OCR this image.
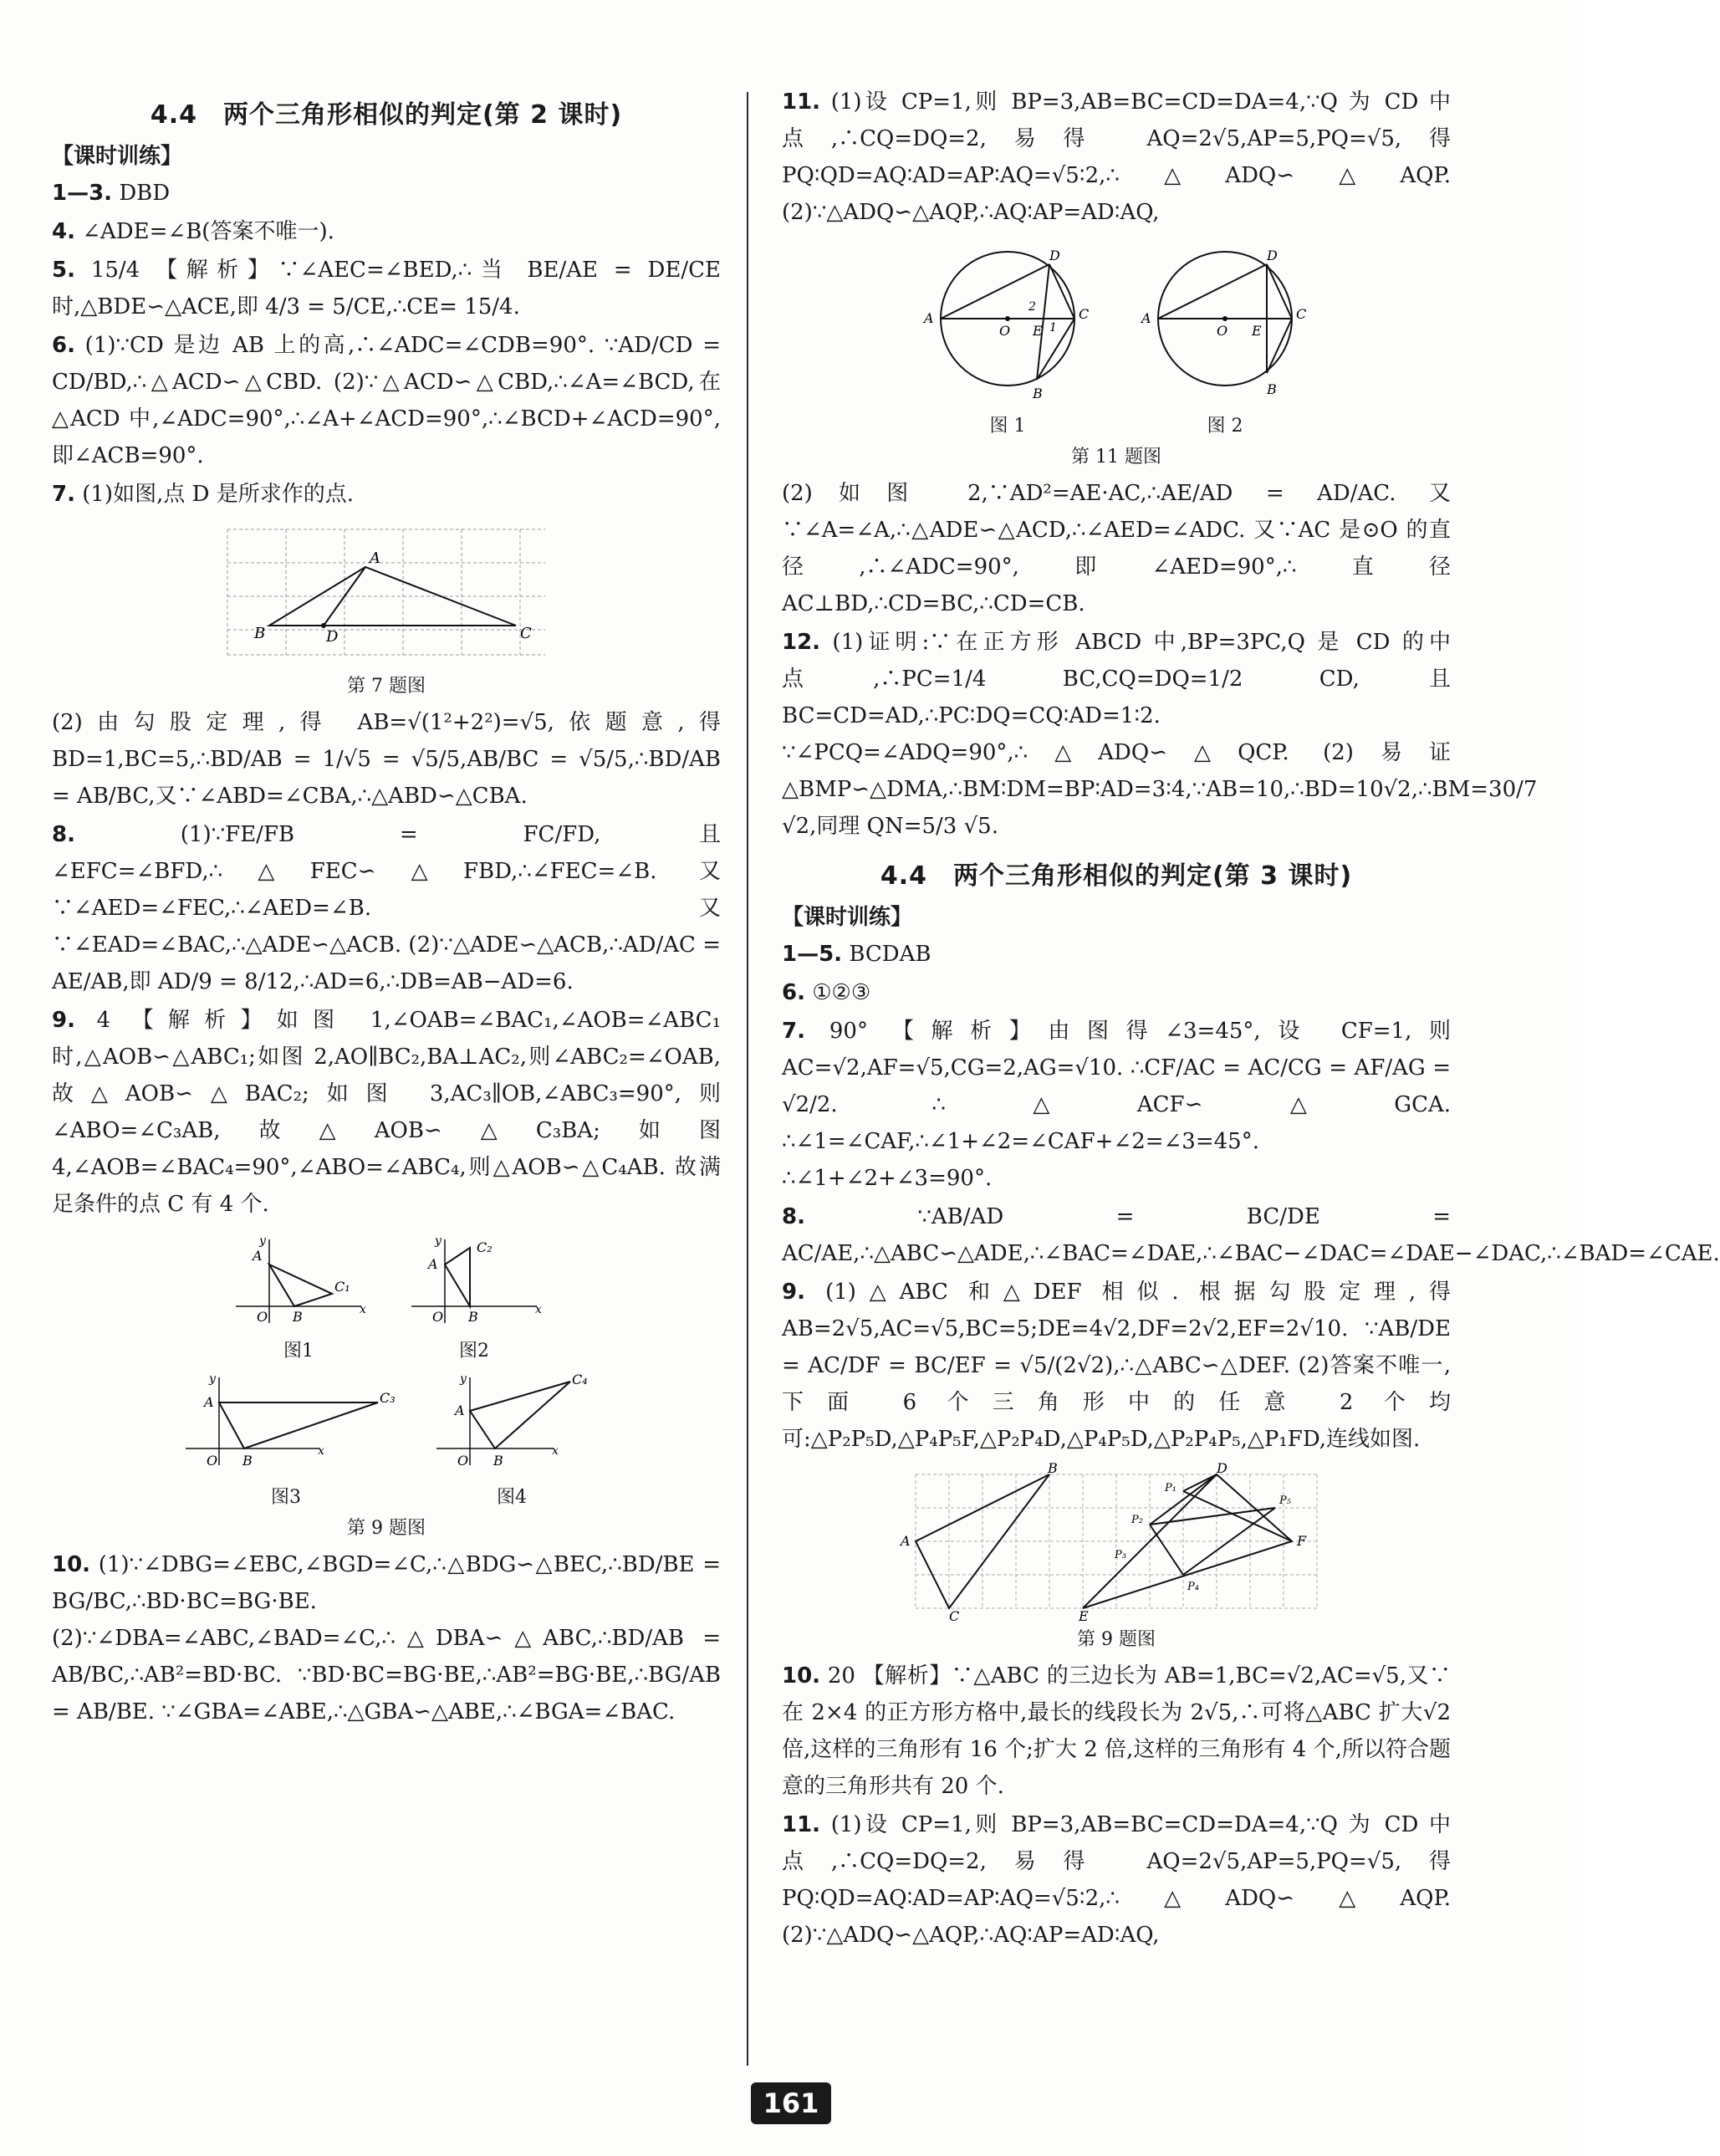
4.4　两个三角形相似的判定(第 2 课时)
【课时训练】

1—3. DBD

4. ∠ADE=∠B(答案不唯一).

5. 15/4 【解析】∵∠AEC=∠BED,∴当 BE/AE = DE/CE 时,△BDE∽△ACE,即 4/3 = 5/CE,∴CE= 15/4.

6. (1)∵CD 是边 AB 上的高,∴∠ADC=∠CDB=90°. ∵AD/CD = CD/BD,∴△ACD∽△CBD. (2)∵△ACD∽△CBD,∴∠A=∠BCD,在△ACD 中,∠ADC=90°,∴∠A+∠ACD=90°,∴∠BCD+∠ACD=90°,即∠ACB=90°.

7. (1)如图,点 D 是所求作的点.

A
B	D	C
第 7 题图

(2)由勾股定理,得 AB=√(1²+2²)=√5,依题意,得 BD=1,BC=5,∴BD/AB = 1/√5 = √5/5,AB/BC = √5/5,∴BD/AB = AB/BC,又∵∠ABD=∠CBA,∴△ABD∽△CBA.

8. (1)∵FE/FB = FC/FD,且∠EFC=∠BFD,∴△FEC∽△FBD,∴∠FEC=∠B. 又∵∠AED=∠FEC,∴∠AED=∠B. 又∵∠EAD=∠BAC,∴△ADE∽△ACB. (2)∵△ADE∽△ACB,∴AD/AC = AE/AB,即 AD/9 = 8/12,∴AD=6,∴DB=AB−AD=6.

9. 4 【解析】如图 1,∠OAB=∠BAC₁,∠AOB=∠ABC₁ 时,△AOB∽△ABC₁;如图 2,AO∥BC₂,BA⊥AC₂,则∠ABC₂=∠OAB,故△AOB∽△BAC₂;如图 3,AC₃∥OB,∠ABC₃=90°,则∠ABO=∠C₃AB,故△AOB∽△C₃BA;如图 4,∠AOB=∠BAC₄=90°,∠ABO=∠ABC₄,则△AOB∽△C₄AB. 故满足条件的点 C 有 4 个.

A
O B
C₁
x
y
图1
A
O B
C₂
x
y
图2
A
O B
C₃
x
y
图3
A
O B
C₄
x
y
图4
第 9 题图

10. (1)∵∠DBG=∠EBC,∠BGD=∠C,∴△BDG∽△BEC,∴BD/BE = BG/BC,∴BD·BC=BG·BE. (2)∵∠DBA=∠ABC,∠BAD=∠C,∴△DBA∽△ABC,∴BD/AB = AB/BC,∴AB²=BD·BC. ∵BD·BC=BG·BE,∴AB²=BG·BE,∴BG/AB = AB/BE. ∵∠GBA=∠ABE,∴△GBA∽△ABE,∴∠BGA=∠BAC.

11. (1)设 CP=1,则 BP=3,AB=BC=CD=DA=4,∵Q 为 CD 中点,∴CQ=DQ=2,易得 AQ=2√5,AP=5,PQ=√5,得 PQ∶QD=AQ∶AD=AP∶AQ=√5∶2,∴△ADQ∽△AQP. (2)∵△ADQ∽△AQP,∴AQ∶AP=AD∶AQ,

A
O E
C
D
B
2
1
图 1
A
O E
C
D
B
图 2
第 11 题图

(2)如图 2,∵AD²=AE·AC,∴AE/AD = AD/AC. 又∵∠A=∠A,∴△ADE∽△ACD,∴∠AED=∠ADC. 又∵AC 是⊙O 的直径,∴∠ADC=90°,即∠AED=90°,∴直径 AC⊥BD,∴CD=BC,∴CD=CB.

12. (1)证明:∵在正方形 ABCD 中,BP=3PC,Q 是 CD 的中点,∴PC=1/4 BC,CQ=DQ=1/2 CD,且 BC=CD=AD,∴PC∶DQ=CQ∶AD=1∶2. ∵∠PCQ=∠ADQ=90°,∴△ADQ∽△QCP. (2)易证△BMP∽△DMA,∴BM∶DM=BP∶AD=3∶4,∵AB=10,∴BD=10√2,∴BM=30/7 √2,同理 QN=5/3 √5.

4.4　两个三角形相似的判定(第 3 课时)
【课时训练】

1—5. BCDAB

6. ①②③

7. 90° 【解析】由图得∠3=45°,设 CF=1,则 AC=√2,AF=√5,CG=2,AG=√10. ∴CF/AC = AC/CG = AF/AG = √2/2. ∴△ACF∽△GCA. ∴∠1=∠CAF,∴∠1+∠2=∠CAF+∠2=∠3=45°. ∴∠1+∠2+∠3=90°.

8. ∵AB/AD = BC/DE = AC/AE,∴△ABC∽△ADE,∴∠BAC=∠DAE,∴∠BAC−∠DAC=∠DAE−∠DAC,∴∠BAD=∠CAE.

9. (1)△ABC 和△DEF 相似. 根据勾股定理,得 AB=2√5,AC=√5,BC=5;DE=4√2,DF=2√2,EF=2√10. ∵AB/DE = AC/DF = BC/EF = √5/(2√2),∴△ABC∽△DEF. (2)答案不唯一,下面 6 个三角形中的任意 2 个均可:△P₂P₅D,△P₄P₅F,△P₂P₄D,△P₄P₅D,△P₂P₄P₅,△P₁FD,连线如图.

A
B
C
D
E
F
P₁
P₂
P₃
P₄
P₅
第 9 题图

10. 20 【解析】∵△ABC 的三边长为 AB=1,BC=√2,AC=√5,又∵在 2×4 的正方形方格中,最长的线段长为 2√5,∴可将△ABC 扩大√2倍,这样的三角形有 16 个;扩大 2 倍,这样的三角形有 4 个,所以符合题意的三角形共有 20 个.

11. (1)设 CP=1,则 BP=3,AB=BC=CD=DA=4,∵Q 为 CD 中点,∴CQ=DQ=2,易得 AQ=2√5,AP=5,PQ=√5,得 PQ∶QD=AQ∶AD=AP∶AQ=√5∶2,∴△ADQ∽△AQP. (2)∵△ADQ∽△AQP,∴AQ∶AP=AD∶AQ,

161
